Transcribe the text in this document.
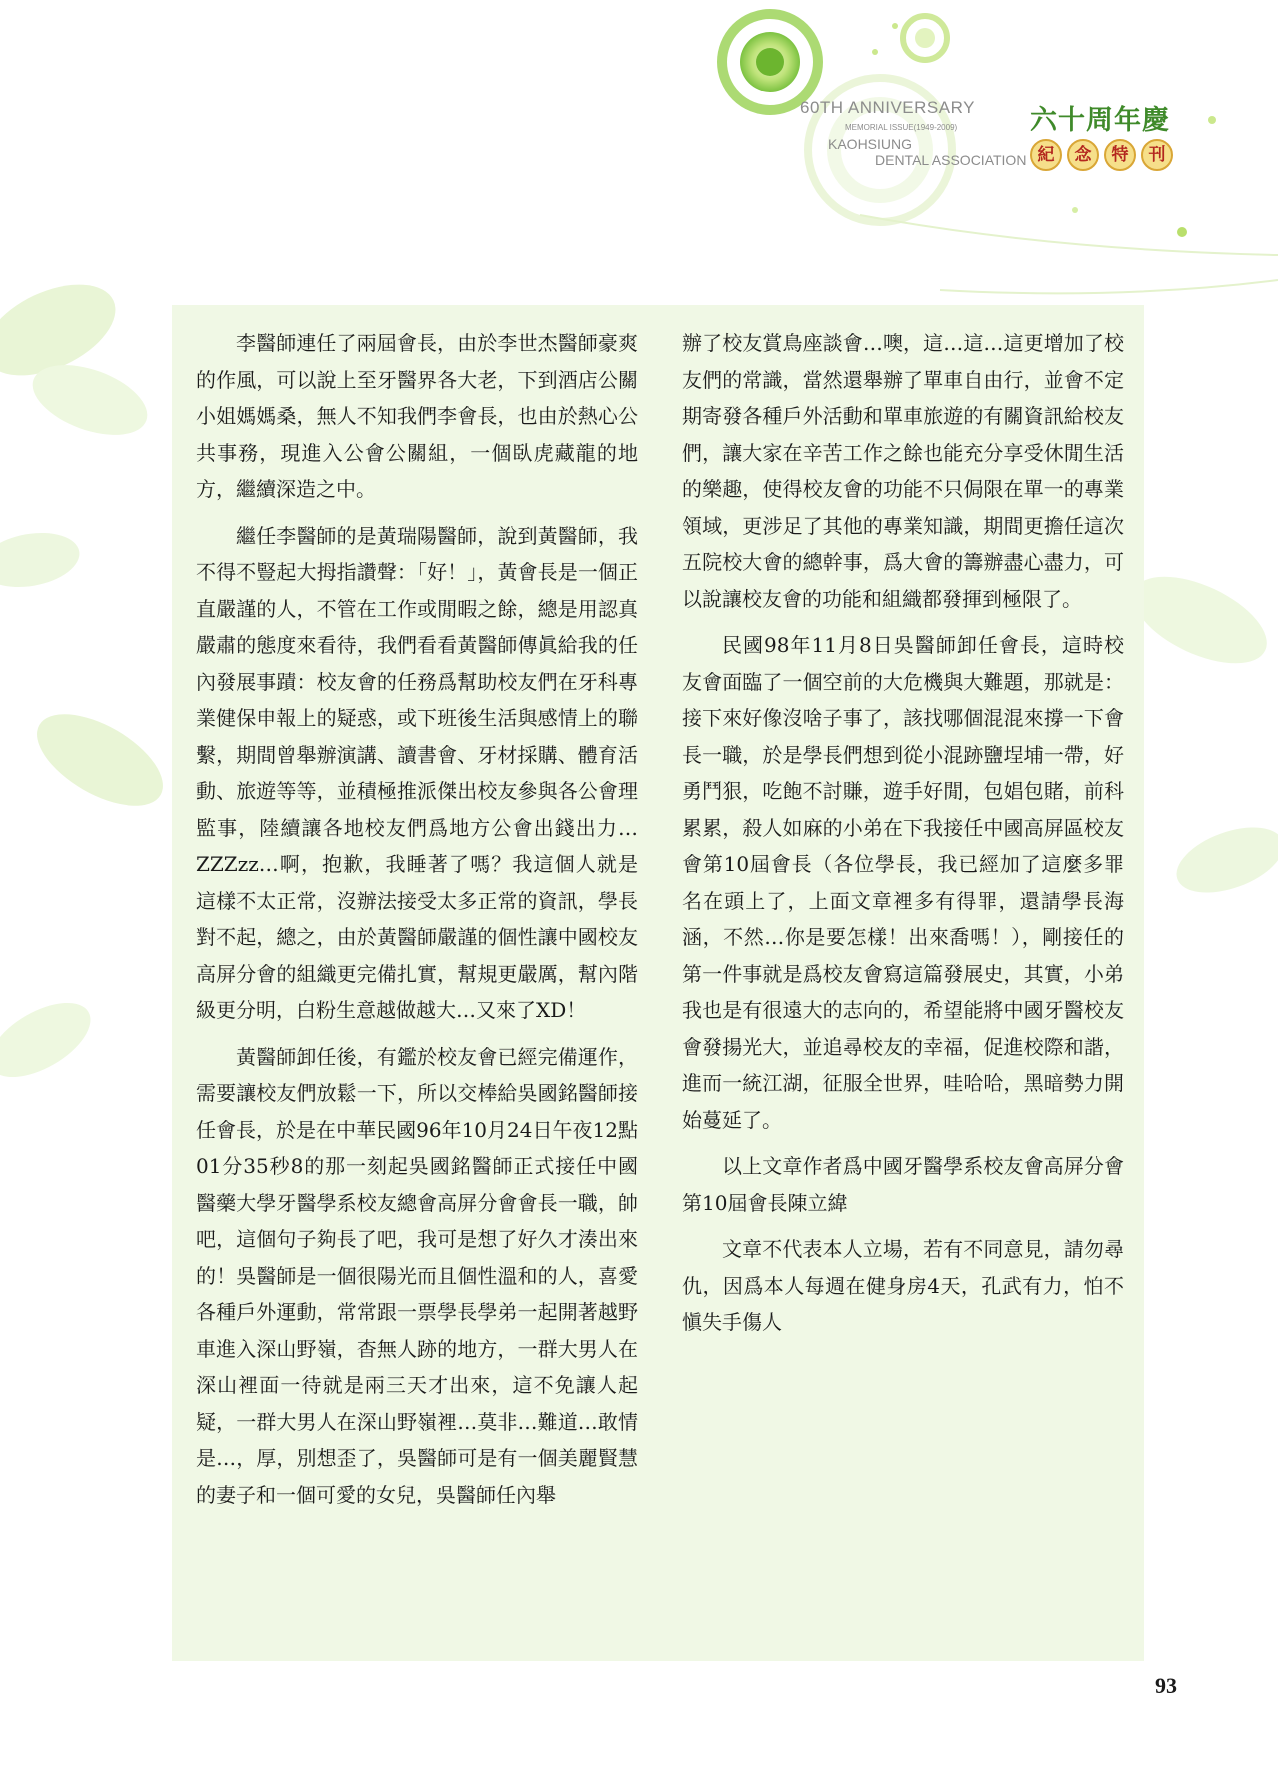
60TH ANNIVERSARY
MEMORIAL ISSUE(1949-2009)
KAOHSIUNG
DENTAL ASSOCIATION
六十周年慶
紀	念	特	刊

李醫師連任了兩屆會長，由於李世杰醫師豪爽的作風，可以說上至牙醫界各大老，下到酒店公關小姐媽媽桑，無人不知我們李會長，也由於熱心公共事務，現進入公會公關組，一個臥虎藏龍的地方，繼續深造之中。

繼任李醫師的是黃瑞陽醫師，說到黃醫師，我不得不豎起大拇指讚聲：「好！」，黃會長是一個正直嚴謹的人，不管在工作或閒暇之餘，總是用認真嚴肅的態度來看待，我們看看黃醫師傳眞給我的任內發展事蹟：校友會的任務爲幫助校友們在牙科專業健保申報上的疑惑，或下班後生活與感情上的聯繫，期間曾舉辦演講、讀書會、牙材採購、體育活動、旅遊等等，並積極推派傑出校友參與各公會理監事，陸續讓各地校友們爲地方公會出錢出力…ZZZzz…啊，抱歉，我睡著了嗎？我這個人就是這樣不太正常，沒辦法接受太多正常的資訊，學長對不起，總之，由於黃醫師嚴謹的個性讓中國校友高屏分會的組織更完備扎實，幫規更嚴厲，幫內階級更分明，白粉生意越做越大…又來了XD！

黃醫師卸任後，有鑑於校友會已經完備運作，需要讓校友們放鬆一下，所以交棒給吳國銘醫師接任會長，於是在中華民國96年10月24日午夜12點01分35秒8的那一刻起吳國銘醫師正式接任中國醫藥大學牙醫學系校友總會高屏分會會長一職，帥吧，這個句子夠長了吧，我可是想了好久才湊出來的！吳醫師是一個很陽光而且個性溫和的人，喜愛各種戶外運動，常常跟一票學長學弟一起開著越野車進入深山野嶺，杳無人跡的地方，一群大男人在深山裡面一待就是兩三天才出來，這不免讓人起疑，一群大男人在深山野嶺裡…莫非…難道…敢情是…，厚，別想歪了，吳醫師可是有一個美麗賢慧的妻子和一個可愛的女兒，吳醫師任內舉

辦了校友賞鳥座談會…噢，這…這…這更增加了校友們的常識，當然還舉辦了單車自由行，並會不定期寄發各種戶外活動和單車旅遊的有關資訊給校友們，讓大家在辛苦工作之餘也能充分享受休閒生活的樂趣，使得校友會的功能不只侷限在單一的專業領域，更涉足了其他的專業知識，期間更擔任這次五院校大會的總幹事，爲大會的籌辦盡心盡力，可以說讓校友會的功能和組織都發揮到極限了。

民國98年11月8日吳醫師卸任會長，這時校友會面臨了一個空前的大危機與大難題，那就是：接下來好像沒啥子事了，該找哪個混混來撐一下會長一職，於是學長們想到從小混跡鹽埕埔一帶，好勇鬥狠，吃飽不討賺，遊手好閒，包娼包賭，前科累累，殺人如麻的小弟在下我接任中國高屏區校友會第10屆會長（各位學長，我已經加了這麼多罪名在頭上了，上面文章裡多有得罪，還請學長海涵，不然…你是要怎樣！出來喬嗎！），剛接任的第一件事就是爲校友會寫這篇發展史，其實，小弟我也是有很遠大的志向的，希望能將中國牙醫校友會發揚光大，並追尋校友的幸福，促進校際和諧，進而一統江湖，征服全世界，哇哈哈，黑暗勢力開始蔓延了。

以上文章作者爲中國牙醫學系校友會高屏分會第10屆會長陳立緯

文章不代表本人立場，若有不同意見，請勿尋仇，因爲本人每週在健身房4天，孔武有力，怕不愼失手傷人

93
